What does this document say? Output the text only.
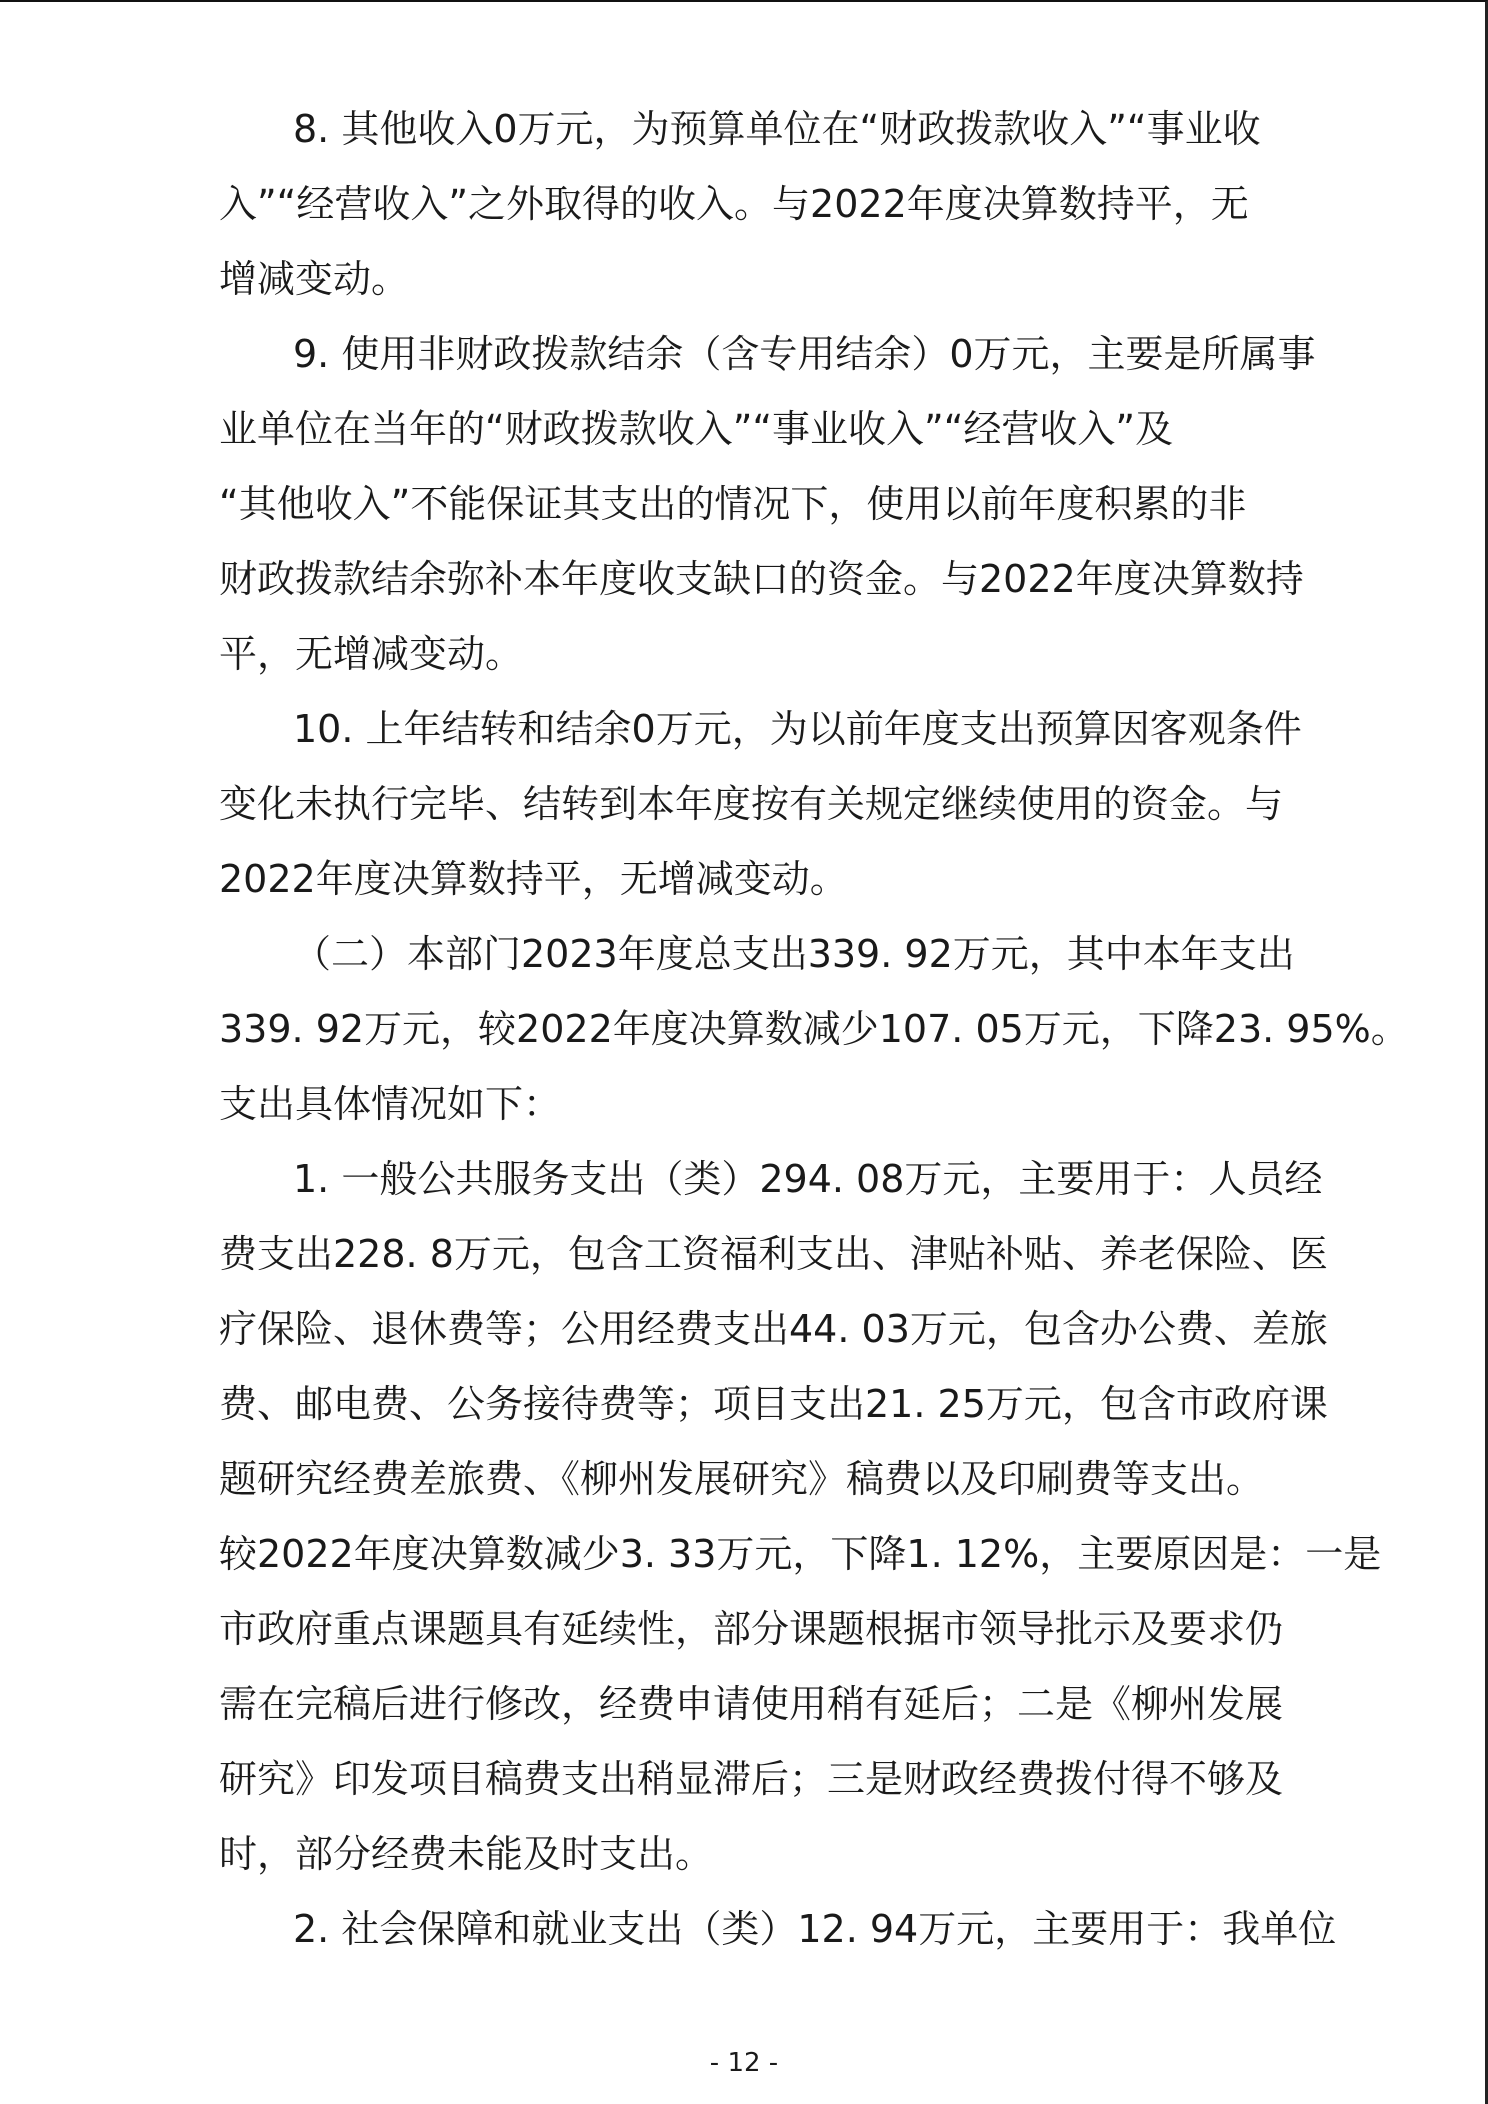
8. 其他收入0万元，为预算单位在“财政拨款收入”“事业收
入”“经营收入”之外取得的收入。与2022年度决算数持平，无
增减变动。
9. 使用非财政拨款结余（含专用结余）0万元，主要是所属事
业单位在当年的“财政拨款收入”“事业收入”“经营收入”及
“其他收入”不能保证其支出的情况下，使用以前年度积累的非
财政拨款结余弥补本年度收支缺口的资金。与2022年度决算数持
平，无增减变动。
10. 上年结转和结余0万元，为以前年度支出预算因客观条件
变化未执行完毕、结转到本年度按有关规定继续使用的资金。与
2022年度决算数持平，无增减变动。
（二）本部门2023年度总支出339. 92万元，其中本年支出
339. 92万元，较2022年度决算数减少107. 05万元，下降23. 95%。
支出具体情况如下：
1. 一般公共服务支出（类）294. 08万元，主要用于：人员经
费支出228. 8万元，包含工资福利支出、津贴补贴、养老保险、医
疗保险、退休费等；公用经费支出44. 03万元，包含办公费、差旅
费、邮电费、公务接待费等；项目支出21. 25万元，包含市政府课
题研究经费差旅费、《柳州发展研究》稿费以及印刷费等支出。
较2022年度决算数减少3. 33万元，下降1. 12%，主要原因是：一是
市政府重点课题具有延续性，部分课题根据市领导批示及要求仍
需在完稿后进行修改，经费申请使用稍有延后；二是《柳州发展
研究》印发项目稿费支出稍显滞后；三是财政经费拨付得不够及
时，部分经费未能及时支出。
2. 社会保障和就业支出（类）12. 94万元，主要用于：我单位
- 12 -
